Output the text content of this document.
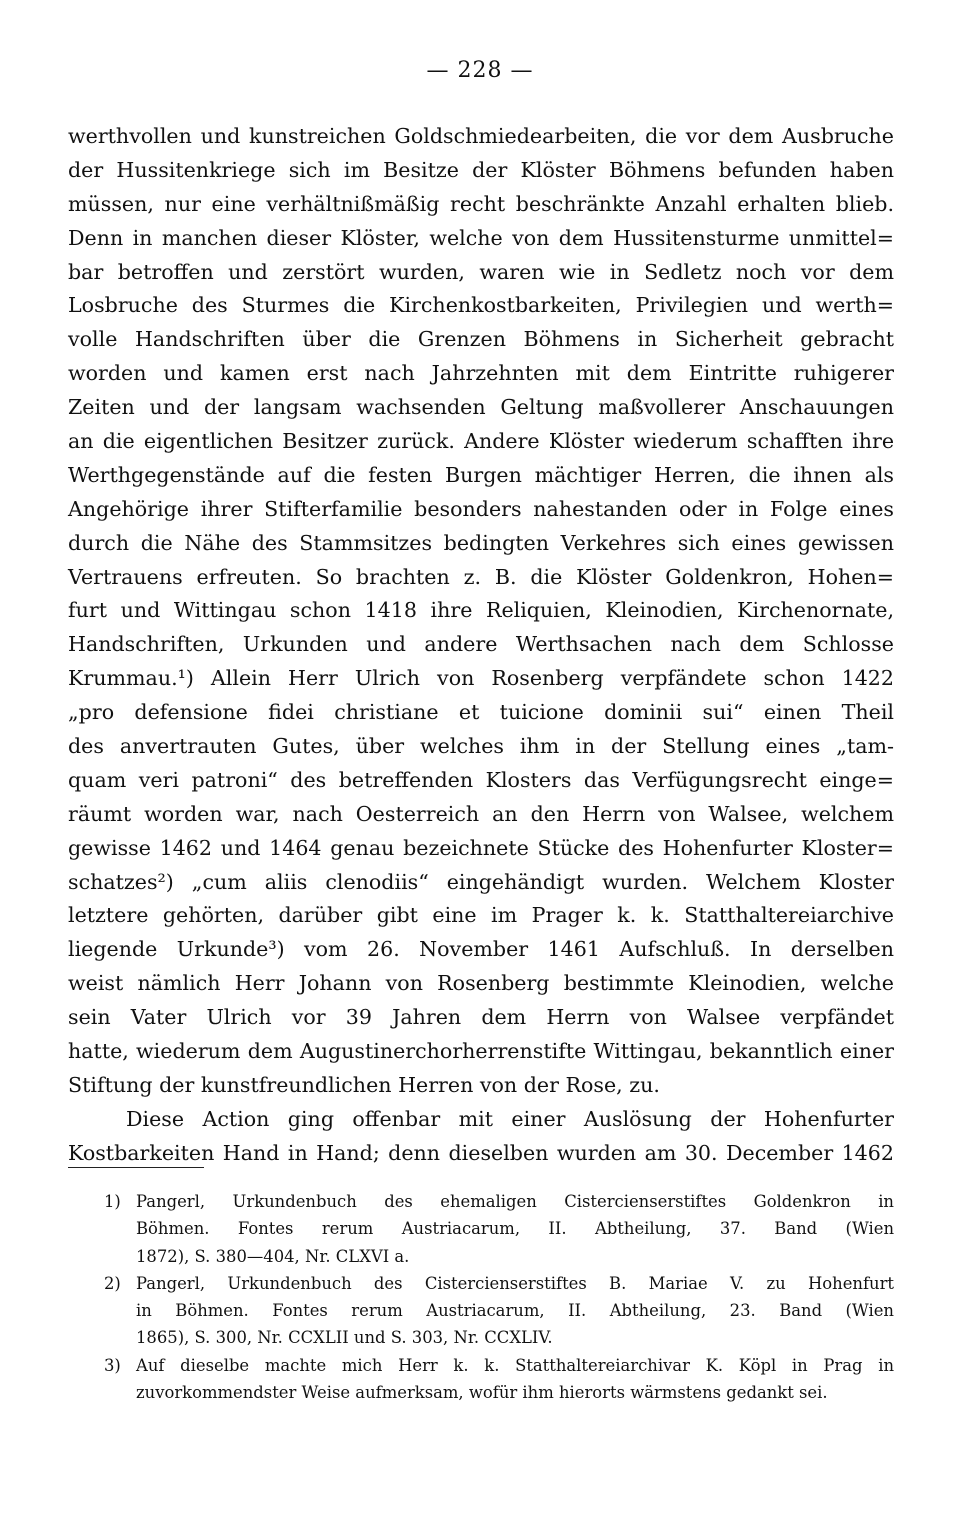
— 228 —
werthvollen und kunstreichen Goldschmiedearbeiten, die vor dem Ausbruche
der Hussitenkriege sich im Besitze der Klöster Böhmens befunden haben
müssen, nur eine verhältnißmäßig recht beschränkte Anzahl erhalten blieb.
Denn in manchen dieser Klöster, welche von dem Hussitensturme unmittel=
bar betroffen und zerstört wurden, waren wie in Sedletz noch vor dem
Losbruche des Sturmes die Kirchenkostbarkeiten, Privilegien und werth=
volle Handschriften über die Grenzen Böhmens in Sicherheit gebracht
worden und kamen erst nach Jahrzehnten mit dem Eintritte ruhigerer
Zeiten und der langsam wachsenden Geltung maßvollerer Anschauungen
an die eigentlichen Besitzer zurück. Andere Klöster wiederum schafften ihre
Werthgegenstände auf die festen Burgen mächtiger Herren, die ihnen als
Angehörige ihrer Stifterfamilie besonders nahestanden oder in Folge eines
durch die Nähe des Stammsitzes bedingten Verkehres sich eines gewissen
Vertrauens erfreuten. So brachten z. B. die Klöster Goldenkron, Hohen=
furt und Wittingau schon 1418 ihre Reliquien, Kleinodien, Kirchenornate,
Handschriften, Urkunden und andere Werthsachen nach dem Schlosse
Krummau.¹) Allein Herr Ulrich von Rosenberg verpfändete schon 1422
„pro defensione fidei christiane et tuicione dominii sui“ einen Theil
des anvertrauten Gutes, über welches ihm in der Stellung eines „tam-
quam veri patroni“ des betreffenden Klosters das Verfügungsrecht einge=
räumt worden war, nach Oesterreich an den Herrn von Walsee, welchem
gewisse 1462 und 1464 genau bezeichnete Stücke des Hohenfurter Kloster=
schatzes²) „cum aliis clenodiis“ eingehändigt wurden. Welchem Kloster
letztere gehörten, darüber gibt eine im Prager k. k. Statthaltereiarchive
liegende Urkunde³) vom 26. November 1461 Aufschluß. In derselben
weist nämlich Herr Johann von Rosenberg bestimmte Kleinodien, welche
sein Vater Ulrich vor 39 Jahren dem Herrn von Walsee verpfändet
hatte, wiederum dem Augustinerchorherrenstifte Wittingau, bekanntlich einer
Stiftung der kunstfreundlichen Herren von der Rose, zu.
Diese Action ging offenbar mit einer Auslösung der Hohenfurter
Kostbarkeiten Hand in Hand; denn dieselben wurden am 30. December 1462
1) Pangerl, Urkundenbuch des ehemaligen Cistercienserstiftes Goldenkron in
Böhmen. Fontes rerum Austriacarum, II. Abtheilung, 37. Band (Wien
1872), S. 380—404, Nr. CLXVI a.
2) Pangerl, Urkundenbuch des Cistercienserstiftes B. Mariae V. zu Hohenfurt
in Böhmen. Fontes rerum Austriacarum, II. Abtheilung, 23. Band (Wien
1865), S. 300, Nr. CCXLII und S. 303, Nr. CCXLIV.
3) Auf dieselbe machte mich Herr k. k. Statthaltereiarchivar K. Köpl in Prag in
zuvorkommendster Weise aufmerksam, wofür ihm hierorts wärmstens gedankt sei.
